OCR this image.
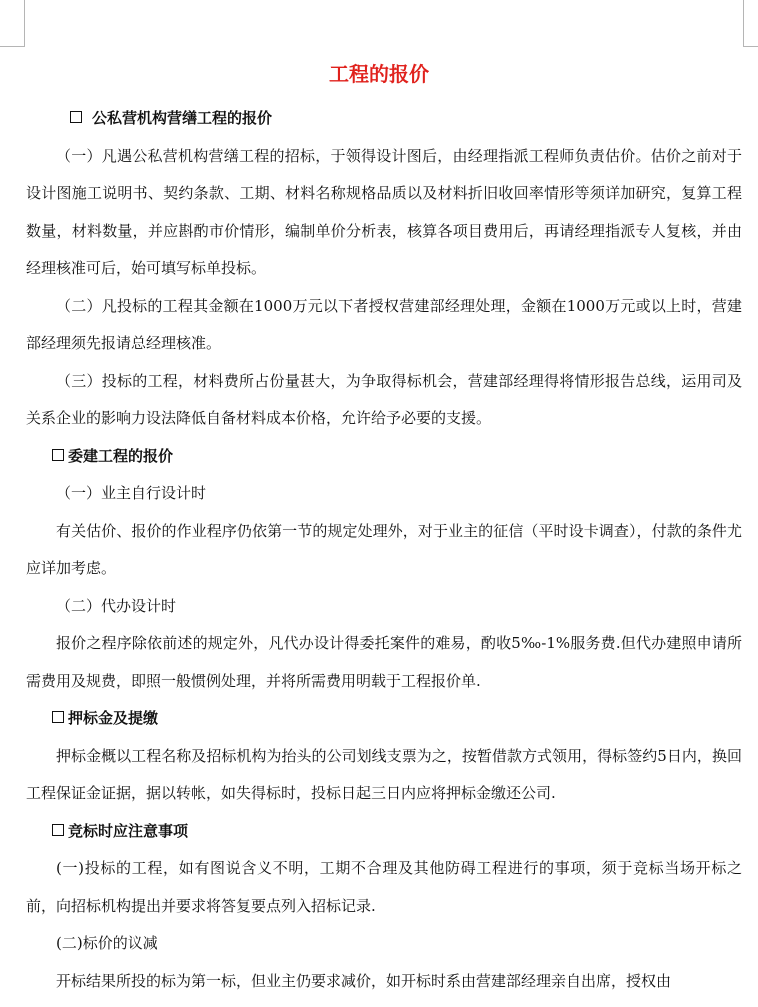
工程的报价

公私营机构营缮工程的报价

（一）凡遇公私营机构营缮工程的招标，于领得设计图后，由经理指派工程师负责估价。估价之前对于设计图施工说明书、契约条款、工期、材料名称规格品质以及材料折旧收回率情形等须详加研究，复算工程数量，材料数量，并应斟酌市价情形，编制单价分析表，核算各项目费用后，再请经理指派专人复核，并由经理核准可后，始可填写标单投标。

（二）凡投标的工程其金额在1000万元以下者授权营建部经理处理，金额在1000万元或以上时，营建部经理须先报请总经理核准。

（三）投标的工程，材料费所占份量甚大，为争取得标机会，营建部经理得将情形报告总线，运用司及关系企业的影响力设法降低自备材料成本价格，允许给予必要的支援。

委建工程的报价

（一）业主自行设计时

有关估价、报价的作业程序仍依第一节的规定处理外，对于业主的征信（平时设卡调查），付款的条件尤应详加考虑。

（二）代办设计时

报价之程序除依前述的规定外，凡代办设计得委托案件的难易，酌收5‰-1%服务费.但代办建照申请所需费用及规费，即照一般惯例处理，并将所需费用明载于工程报价单.

押标金及提缴

押标金概以工程名称及招标机构为抬头的公司划线支票为之，按暂借款方式领用，得标签约5日内，换回工程保证金证据，据以转帐，如失得标时，投标日起三日内应将押标金缴还公司.

竞标时应注意事项

(一)投标的工程，如有图说含义不明，工期不合理及其他防碍工程进行的事项，须于竞标当场开标之前，向招标机构提出并要求将答复要点列入招标记录.

(二)标价的议减

开标结果所投的标为第一标，但业主仍要求减价，如开标时系由营建部经理亲自出席，授权由
